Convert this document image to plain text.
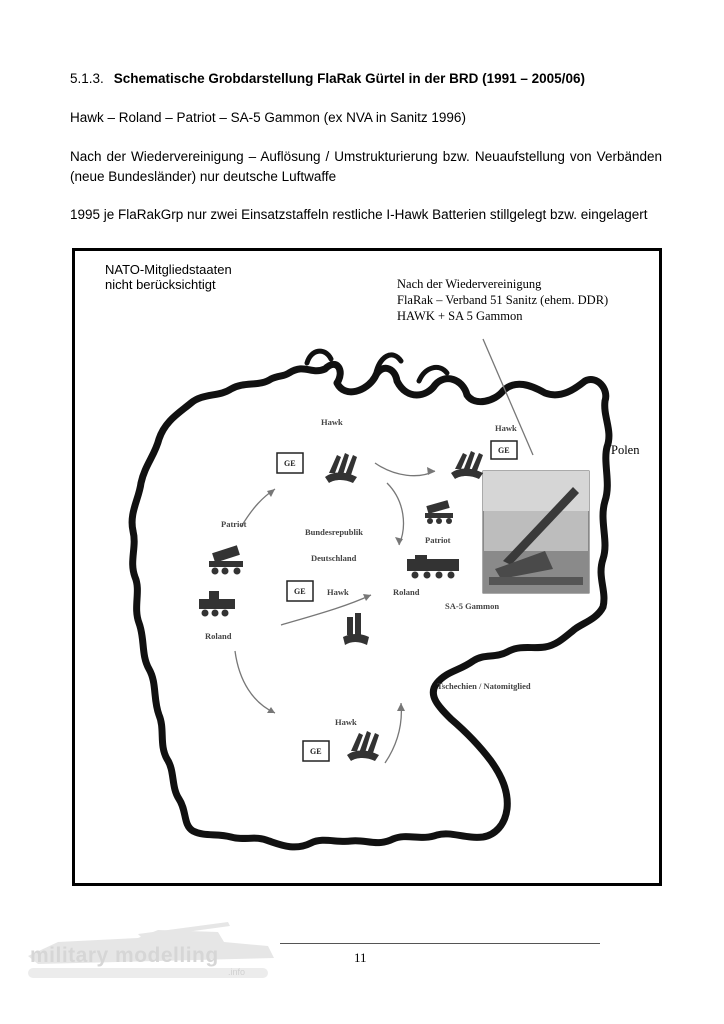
5.1.3. Schematische Grobdarstellung FlaRak Gürtel in der BRD (1991 – 2005/06)

Hawk – Roland – Patriot – SA-5 Gammon (ex NVA in Sanitz 1996)

Nach der Wiedervereinigung – Auflösung / Umstrukturierung bzw. Neuaufstellung von Verbänden (neue Bundesländer) nur deutsche Luftwaffe

1995 je FlaRakGrp nur zwei Einsatzstaffeln restliche I-Hawk Batterien stillgelegt bzw. eingelagert

GE
GE
GE
GE
NATO-Mitgliedstaaten
nicht berücksichtigt	Nach der Wiedervereinigung
FlaRak – Verband 51 Sanitz (ehem. DDR)
HAWK + SA 5 Gammon
Polen
Hawk
Hawk
Patriot
Bundesrepublik
Deutschland
Patriot
Hawk	Roland
SA-5 Gammon
Roland
Tschechien / Natomitglied
Hawk
11
military modelling
.info
